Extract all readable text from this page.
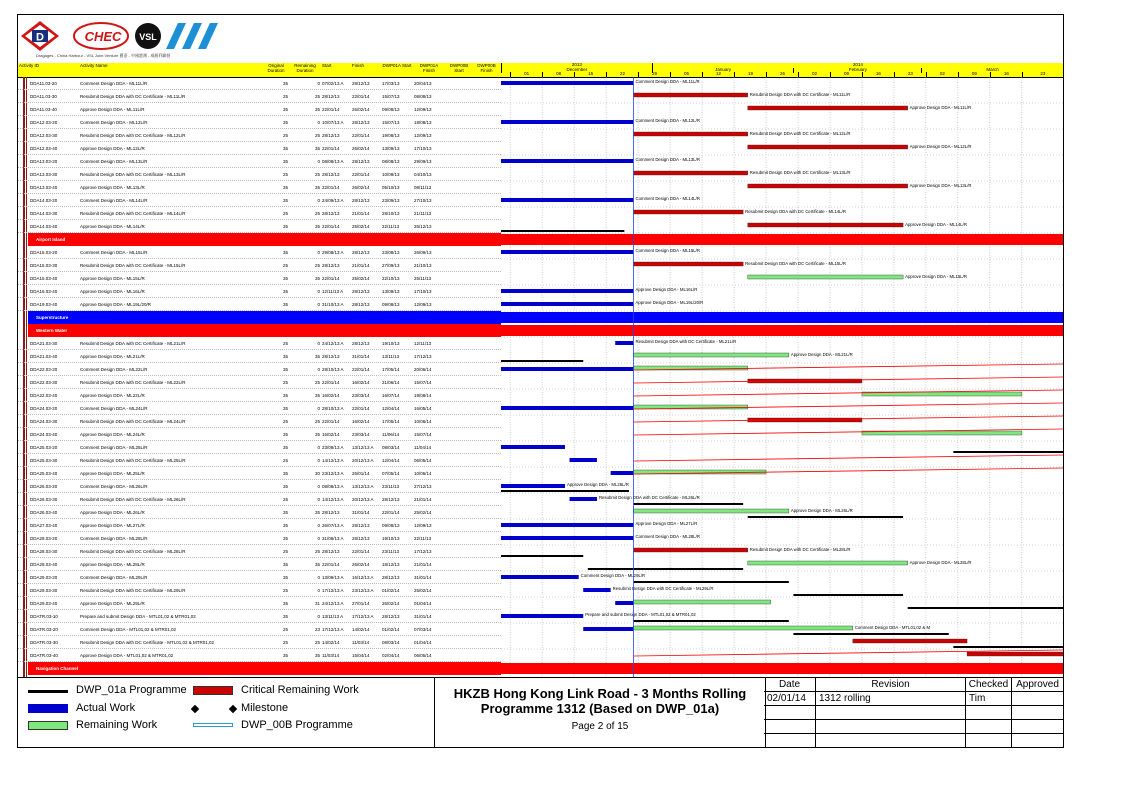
D	CHEC VSL
Dragages - China Harbour - VSL Joint Venture 寶嘉 - 中國港灣 - 威勝利聯營
Activity ID	Activity Name	Original Duration
Remaining Duration
Start	Finish	DWP01A Start	DWP01A Finish
DWP00B Start
DWP00B Finish
2013	2014
December	January	February	March
01	08	15	22	29	05	12	19	26	02	09	16	23	02	09	16	23
DDA11.03-20	Comment Design DDA - ML11L/R	35	0 07/02/13 A	28/12/13	17/03/13	20/04/13
DDA11.03-30	Resubmit Design DDA with DC Certificate - ML11L/R	25	25 28/12/13	22/01/14	15/07/13	08/08/13
DDA11.03-40	Approve Design DDA - ML11L/R	35	35 22/01/14	26/02/14	09/08/13	12/09/13
DDA12.03-20	Comment Design DDA - ML12L/R	35	0 10/07/13 A	28/12/13	15/07/13	18/08/13
DDA12.03-30	Resubmit Design DDA with DC Certificate - ML12L/R	25	25 28/12/13	22/01/14	19/08/13	12/09/13
DDA12.03-40	Approve Design DDA - ML12L/R	35	35 22/01/14	26/02/14	13/09/13	17/10/13
DDA13.03-20	Comment Design DDA - ML13L/R	35	0 08/08/13 A	28/12/13	08/08/13	29/09/13
DDA13.03-30	Resubmit Design DDA with DC Certificate - ML13L/R	25	25 28/12/13	22/01/14	10/09/13	04/10/13
DDA13.03-40	Approve Design DDA - ML13L/R	35	35 22/01/14	26/02/14	05/10/13	08/11/13
DDA14.03-20	Comment Design DDA - ML14L/R	35	0 24/09/13 A	28/12/13	23/09/13	27/10/13
DDA14.03-30	Resubmit Design DDA with DC Certificate - ML14L/R	25	25 28/12/13	21/01/14	28/10/13	21/11/13
DDA14.03-40	Approve Design DDA - ML14L/R	35	35 22/01/14	25/02/14	22/11/13	26/12/13
Airport Island
DDA15.03-20	Comment Design DDA - ML15L/R	35	0 29/08/13 A	28/12/13	23/08/13	26/09/13
DDA15.03-30	Resubmit Design DDA with DC Certificate - ML15L/R	25	25 28/12/13	21/01/14	27/09/13	21/10/13
DDA15.03-40	Approve Design DDA - ML15L/R	35	35 22/01/14	25/02/14	22/10/13	25/11/13
DDA16.03-40	Approve Design DDA - ML16L/R	35	0 12/11/13 A	28/12/13	13/09/13	17/10/13
DDA19.03-40	Approve Design DDA - ML19L/20/R	35	0 31/10/13 A	28/12/13	09/08/13	12/09/13
Superstructure
Western Water
DDA21.03-30	Resubmit Design DDA with DC Certificate - ML21L/R	25	0 24/12/13 A	28/12/13	19/10/13	12/11/13
DDA21.03-40	Approve Design DDA - ML21L/R	35	35 28/12/13	31/01/14	13/11/13	17/12/13
DDA22.03-20	Comment Design DDA - ML22L/R	35	0 28/10/13 A	22/01/14	17/05/14	20/06/14
DDA22.03-30	Resubmit Design DDA with DC Certificate - ML22L/R	25	25 22/01/14	16/02/14	21/06/14	15/07/14
DDA22.03-40	Approve Design DDA - ML22L/R	35	35 16/02/14	23/03/14	16/07/14	19/08/14
DDA24.03-20	Comment Design DDA - ML24L/R	35	0 28/10/13 A	22/01/14	12/04/14	16/05/14
DDA24.03-30	Resubmit Design DDA with DC Certificate - ML24L/R	25	25 22/01/14	16/02/14	17/05/14	10/06/14
DDA24.03-40	Approve Design DDA - ML24L/R	35	35 16/02/14	23/03/14	11/06/14	15/07/14
DDA25.03-20	Comment Design DDA - ML25L/R	35	0 23/08/13 A	13/12/13 A	08/03/14	11/04/14
DDA25.03-30	Resubmit Design DDA with DC Certificate - ML25L/R	25	0 14/12/13 A	20/12/13 A	12/04/14	06/05/14
DDA25.03-40	Approve Design DDA - ML25L/R	35	30 23/12/13 A	26/01/14	07/05/14	10/06/14
DDA26.03-20	Comment Design DDA - ML26L/R	35	0 08/08/13 A	13/12/13 A	23/11/13	27/12/13
DDA26.03-30	Resubmit Design DDA with DC Certificate - ML26L/R	25	0 14/12/13 A	20/12/13 A	28/12/13	21/01/14
DDA26.03-40	Approve Design DDA - ML26L/R	35	35 28/12/13	31/01/14	22/01/14	25/02/14
DDA27.03-40	Approve Design DDA - ML27L/R	35	0 26/07/13 A	28/12/13	09/08/13	12/09/13
DDA28.03-20	Comment Design DDA - ML28L/R	35	0 31/08/13 A	28/12/13	19/10/13	22/11/13
DDA28.03-30	Resubmit Design DDA with DC Certificate - ML28L/R	25	25 28/12/13	22/01/14	23/11/13	17/12/13
DDA28.03-40	Approve Design DDA - ML28L/R	35	35 22/01/14	26/02/14	18/12/13	21/01/14
DDA29.03-20	Comment Design DDA - ML29L/R	35	0 13/09/13 A	16/12/13 A	28/12/13	31/01/14
DDA29.03-30	Resubmit Design DDA with DC Certificate - ML29L/R	25	0 17/12/13 A	23/12/13 A	01/02/14	25/02/14
DDA29.03-40	Approve Design DDA - ML29L/R	35	31 24/12/13 A	27/01/14	26/02/14	01/04/14
DDATR.03-10	Prepare and submit Design DDA - MTL01,02 & MTR01,02	35	0 13/11/13 A	17/12/13 A	28/12/13	31/01/14
DDATR.03-20	Comment Design DDA - MTL01,02 & MTR01,02	25	23 17/12/13 A	14/02/14	01/02/14	07/03/14
DDATR.03-30	Resubmit Design DDA with DC Certificate - MTL01,02 & MTR01,02	25	25 14/02/14	11/03/14	08/03/14	01/04/14
DDATR.03-40	Approve Design DDA - MTL01,02 & MTR01,02	35	35 11/03/14	15/04/14	02/04/14	06/05/14
Navigation Channel
Comment Design DDA - ML11L/R
Resubmit Design DDA with DC Certificate - ML11L/R
Approve Design DDA - ML11L/R
Comment Design DDA - ML12L/R
Resubmit Design DDA with DC Certificate - ML12L/R
Approve Design DDA - ML12L/R
Comment Design DDA - ML13L/R
Resubmit Design DDA with DC Certificate - ML13L/R
Approve Design DDA - ML13L/R
Comment Design DDA - ML14L/R
Resubmit Design DDA with DC Certificate - ML14L/R
Approve Design DDA - ML14L/R
Comment Design DDA - ML15L/R
Resubmit Design DDA with DC Certificate - ML15L/R
Approve Design DDA - ML15L/R
Approve Design DDA - ML16L/R
Approve Design DDA - ML19L/20/R
Resubmit Design DDA with DC Certificate - ML21L/R
Approve Design DDA - ML21L/R
Approve Design DDA - ML26L/R
Resubmit Design DDA with DC Certificate - ML26L/R
Approve Design DDA - ML26L/R
Approve Design DDA - ML27L/R
Comment Design DDA - ML28L/R
Resubmit Design DDA with DC Certificate - ML28L/R
Approve Design DDA - ML28L/R
Comment Design DDA - ML29L/R
Resubmit Design DDA with DC Certificate - ML29L/R
Prepare and submit Design DDA - MTL01,02 & MTR01,02
Comment Design DDA - MTL01,02 & M
DWP_01a Programme
Actual Work
Remaining Work
Critical Remaining Work
Milestone
DWP_00B Programme
HKZB Hong Kong Link Road - 3 Months Rolling Programme 1312 (Based on DWP_01a)
Page 2 of 15
Date	Revision	Checked Approved
02/01/14	1312 rolling	Tim
